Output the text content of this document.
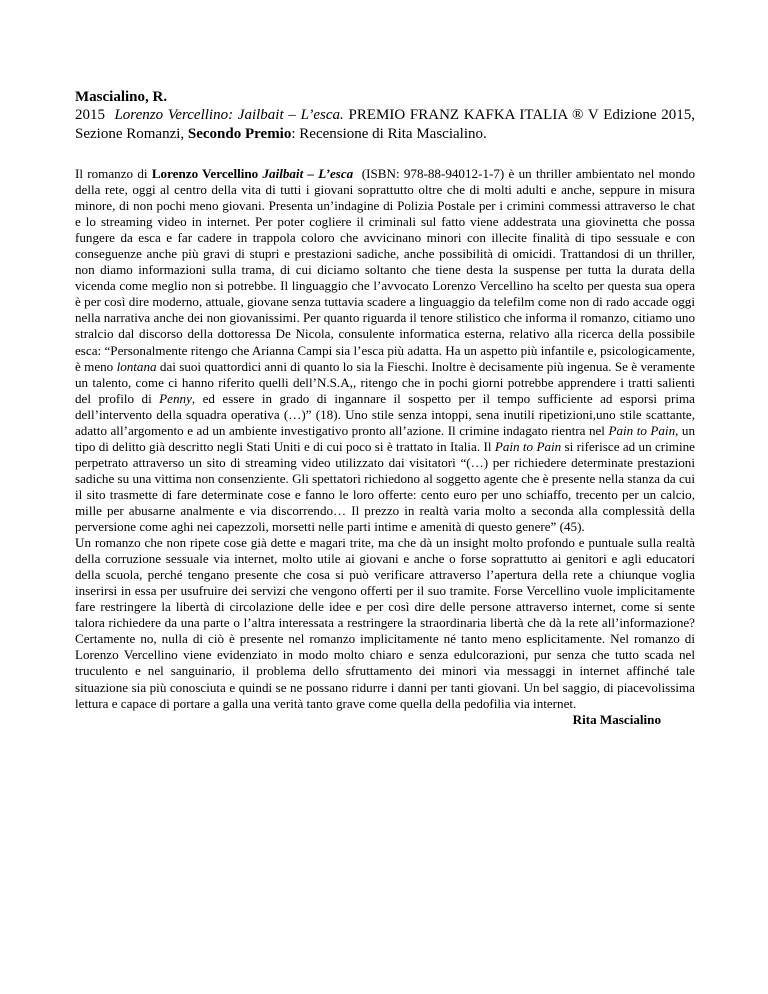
Mascialino, R.

2015 Lorenzo Vercellino: Jailbait – L’esca. PREMIO FRANZ KAFKA ITALIA ® V Edizione 2015, Sezione Romanzi, Secondo Premio: Recensione di Rita Mascialino.

Il romanzo di Lorenzo Vercellino Jailbait – L’esca (ISBN: 978-88-94012-1-7) è un thriller ambientato nel mondo della rete, oggi al centro della vita di tutti i giovani soprattutto oltre che di molti adulti e anche, seppure in misura minore, di non pochi meno giovani. Presenta un’indagine di Polizia Postale per i crimini commessi attraverso le chat e lo streaming video in internet. Per poter cogliere il criminali sul fatto viene addestrata una giovinetta che possa fungere da esca e far cadere in trappola coloro che avvicinano minori con illecite finalità di tipo sessuale e con conseguenze anche più gravi di stupri e prestazioni sadiche, anche possibilità di omicidi. Trattandosi di un thriller, non diamo informazioni sulla trama, di cui diciamo soltanto che tiene desta la suspense per tutta la durata della vicenda come meglio non si potrebbe. Il linguaggio che l’avvocato Lorenzo Vercellino ha scelto per questa sua opera è per così dire moderno, attuale, giovane senza tuttavia scadere a linguaggio da telefilm come non di rado accade oggi nella narrativa anche dei non giovanissimi. Per quanto riguarda il tenore stilistico che informa il romanzo, citiamo uno stralcio dal discorso della dottoressa De Nicola, consulente informatica esterna, relativo alla ricerca della possibile esca: “Personalmente ritengo che Arianna Campi sia l’esca più adatta. Ha un aspetto più infantile e, psicologicamente, è meno lontana dai suoi quattordici anni di quanto lo sia la Fieschi. Inoltre è decisamente più ingenua. Se è veramente un talento, come ci hanno riferito quelli dell’N.S.A,, ritengo che in pochi giorni potrebbe apprendere i tratti salienti del profilo di Penny, ed essere in grado di ingannare il sospetto per il tempo sufficiente ad esporsi prima dell’intervento della squadra operativa (…)” (18). Uno stile senza intoppi, sena inutili ripetizioni,uno stile scattante, adatto all’argomento e ad un ambiente investigativo pronto all’azione. Il crimine indagato rientra nel Pain to Pain, un tipo di delitto già descritto negli Stati Uniti e di cui poco si è trattato in Italia. Il Pain to Pain si riferisce ad un crimine perpetrato attraverso un sito di streaming video utilizzato dai visitatori “(…) per richiedere determinate prestazioni sadiche su una vittima non consenziente. Gli spettatori richiedono al soggetto agente che è presente nella stanza da cui il sito trasmette di fare determinate cose e fanno le loro offerte: cento euro per uno schiaffo, trecento per un calcio, mille per abusarne analmente e via discorrendo… Il prezzo in realtà varia molto a seconda alla complessità della perversione come aghi nei capezzoli, morsetti nelle parti intime e amenità di questo genere” (45).

Un romanzo che non ripete cose già dette e magari trite, ma che dà un insight molto profondo e puntuale sulla realtà della corruzione sessuale via internet, molto utile ai giovani e anche o forse soprattutto ai genitori e agli educatori della scuola, perché tengano presente che cosa si può verificare attraverso l’apertura della rete a chiunque voglia inserirsi in essa per usufruire dei servizi che vengono offerti per il suo tramite. Forse Vercellino vuole implicitamente fare restringere la libertà di circolazione delle idee e per così dire delle persone attraverso internet, come si sente talora richiedere da una parte o l’altra interessata a restringere la straordinaria libertà che dà la rete all’informazione? Certamente no, nulla di ciò è presente nel romanzo implicitamente né tanto meno esplicitamente. Nel romanzo di Lorenzo Vercellino viene evidenziato in modo molto chiaro e senza edulcorazioni, pur senza che tutto scada nel truculento e nel sanguinario, il problema dello sfruttamento dei minori via messaggi in internet affinché tale situazione sia più conosciuta e quindi se ne possano ridurre i danni per tanti giovani. Un bel saggio, di piacevolissima lettura e capace di portare a galla una verità tanto grave come quella della pedofilia via internet.

Rita Mascialino
